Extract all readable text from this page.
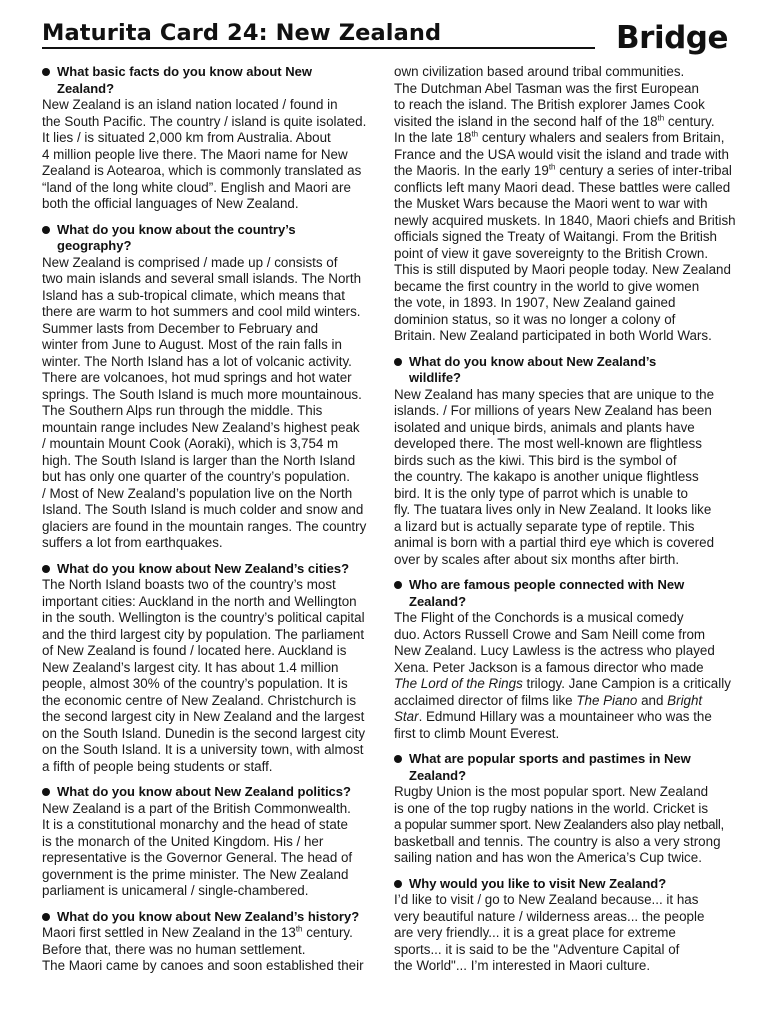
Maturita Card 24: New Zealand	Bridge
What basic facts do you know about New
Zealand?
New Zealand is an island nation located / found in
the South Pacific. The country / island is quite isolated.
It lies / is situated 2,000 km from Australia. About
4 million people live there. The Maori name for New
Zealand is Aotearoa, which is commonly translated as
“land of the long white cloud”. English and Maori are
both the official languages of New Zealand.
What do you know about the country’s
geography?
New Zealand is comprised / made up / consists of
two main islands and several small islands. The North
Island has a sub-tropical climate, which means that
there are warm to hot summers and cool mild winters.
Summer lasts from December to February and
winter from June to August. Most of the rain falls in
winter. The North Island has a lot of volcanic activity.
There are volcanoes, hot mud springs and hot water
springs. The South Island is much more mountainous.
The Southern Alps run through the middle. This
mountain range includes New Zealand’s highest peak
/ mountain Mount Cook (Aoraki), which is 3,754 m
high. The South Island is larger than the North Island
but has only one quarter of the country’s population.
/ Most of New Zealand’s population live on the North
Island. The South Island is much colder and snow and
glaciers are found in the mountain ranges. The country
suffers a lot from earthquakes.
What do you know about New Zealand’s cities?
The North Island boasts two of the country’s most
important cities: Auckland in the north and Wellington
in the south. Wellington is the country’s political capital
and the third largest city by population. The parliament
of New Zealand is found / located here. Auckland is
New Zealand’s largest city. It has about 1.4 million
people, almost 30% of the country’s population. It is
the economic centre of New Zealand. Christchurch is
the second largest city in New Zealand and the largest
on the South Island. Dunedin is the second largest city
on the South Island. It is a university town, with almost
a fifth of people being students or staff.
What do you know about New Zealand politics?
New Zealand is a part of the British Commonwealth.
It is a constitutional monarchy and the head of state
is the monarch of the United Kingdom. His / her
representative is the Governor General. The head of
government is the prime minister. The New Zealand
parliament is unicameral / single-chambered.
What do you know about New Zealand’s history?
Maori first settled in New Zealand in the 13th century.
Before that, there was no human settlement.
The Maori came by canoes and soon established their
own civilization based around tribal communities.
The Dutchman Abel Tasman was the first European
to reach the island. The British explorer James Cook
visited the island in the second half of the 18th century.
In the late 18th century whalers and sealers from Britain,
France and the USA would visit the island and trade with
the Maoris. In the early 19th century a series of inter-tribal
conflicts left many Maori dead. These battles were called
the Musket Wars because the Maori went to war with
newly acquired muskets. In 1840, Maori chiefs and British
officials signed the Treaty of Waitangi. From the British
point of view it gave sovereignty to the British Crown.
This is still disputed by Maori people today. New Zealand
became the first country in the world to give women
the vote, in 1893. In 1907, New Zealand gained
dominion status, so it was no longer a colony of
Britain. New Zealand participated in both World Wars.
What do you know about New Zealand’s
wildlife?
New Zealand has many species that are unique to the
islands. / For millions of years New Zealand has been
isolated and unique birds, animals and plants have
developed there. The most well-known are flightless
birds such as the kiwi. This bird is the symbol of
the country. The kakapo is another unique flightless
bird. It is the only type of parrot which is unable to
fly. The tuatara lives only in New Zealand. It looks like
a lizard but is actually separate type of reptile. This
animal is born with a partial third eye which is covered
over by scales after about six months after birth.
Who are famous people connected with New
Zealand?
The Flight of the Conchords is a musical comedy
duo. Actors Russell Crowe and Sam Neill come from
New Zealand. Lucy Lawless is the actress who played
Xena. Peter Jackson is a famous director who made
The Lord of the Rings trilogy. Jane Campion is a critically
acclaimed director of films like The Piano and Bright
Star. Edmund Hillary was a mountaineer who was the
first to climb Mount Everest.
What are popular sports and pastimes in New
Zealand?
Rugby Union is the most popular sport. New Zealand
is one of the top rugby nations in the world. Cricket is
a popular summer sport. New Zealanders also play netball,
basketball and tennis. The country is also a very strong
sailing nation and has won the America’s Cup twice.
Why would you like to visit New Zealand?
I’d like to visit / go to New Zealand because... it has
very beautiful nature / wilderness areas... the people
are very friendly... it is a great place for extreme
sports... it is said to be the "Adventure Capital of
the World"... I’m interested in Maori culture.
